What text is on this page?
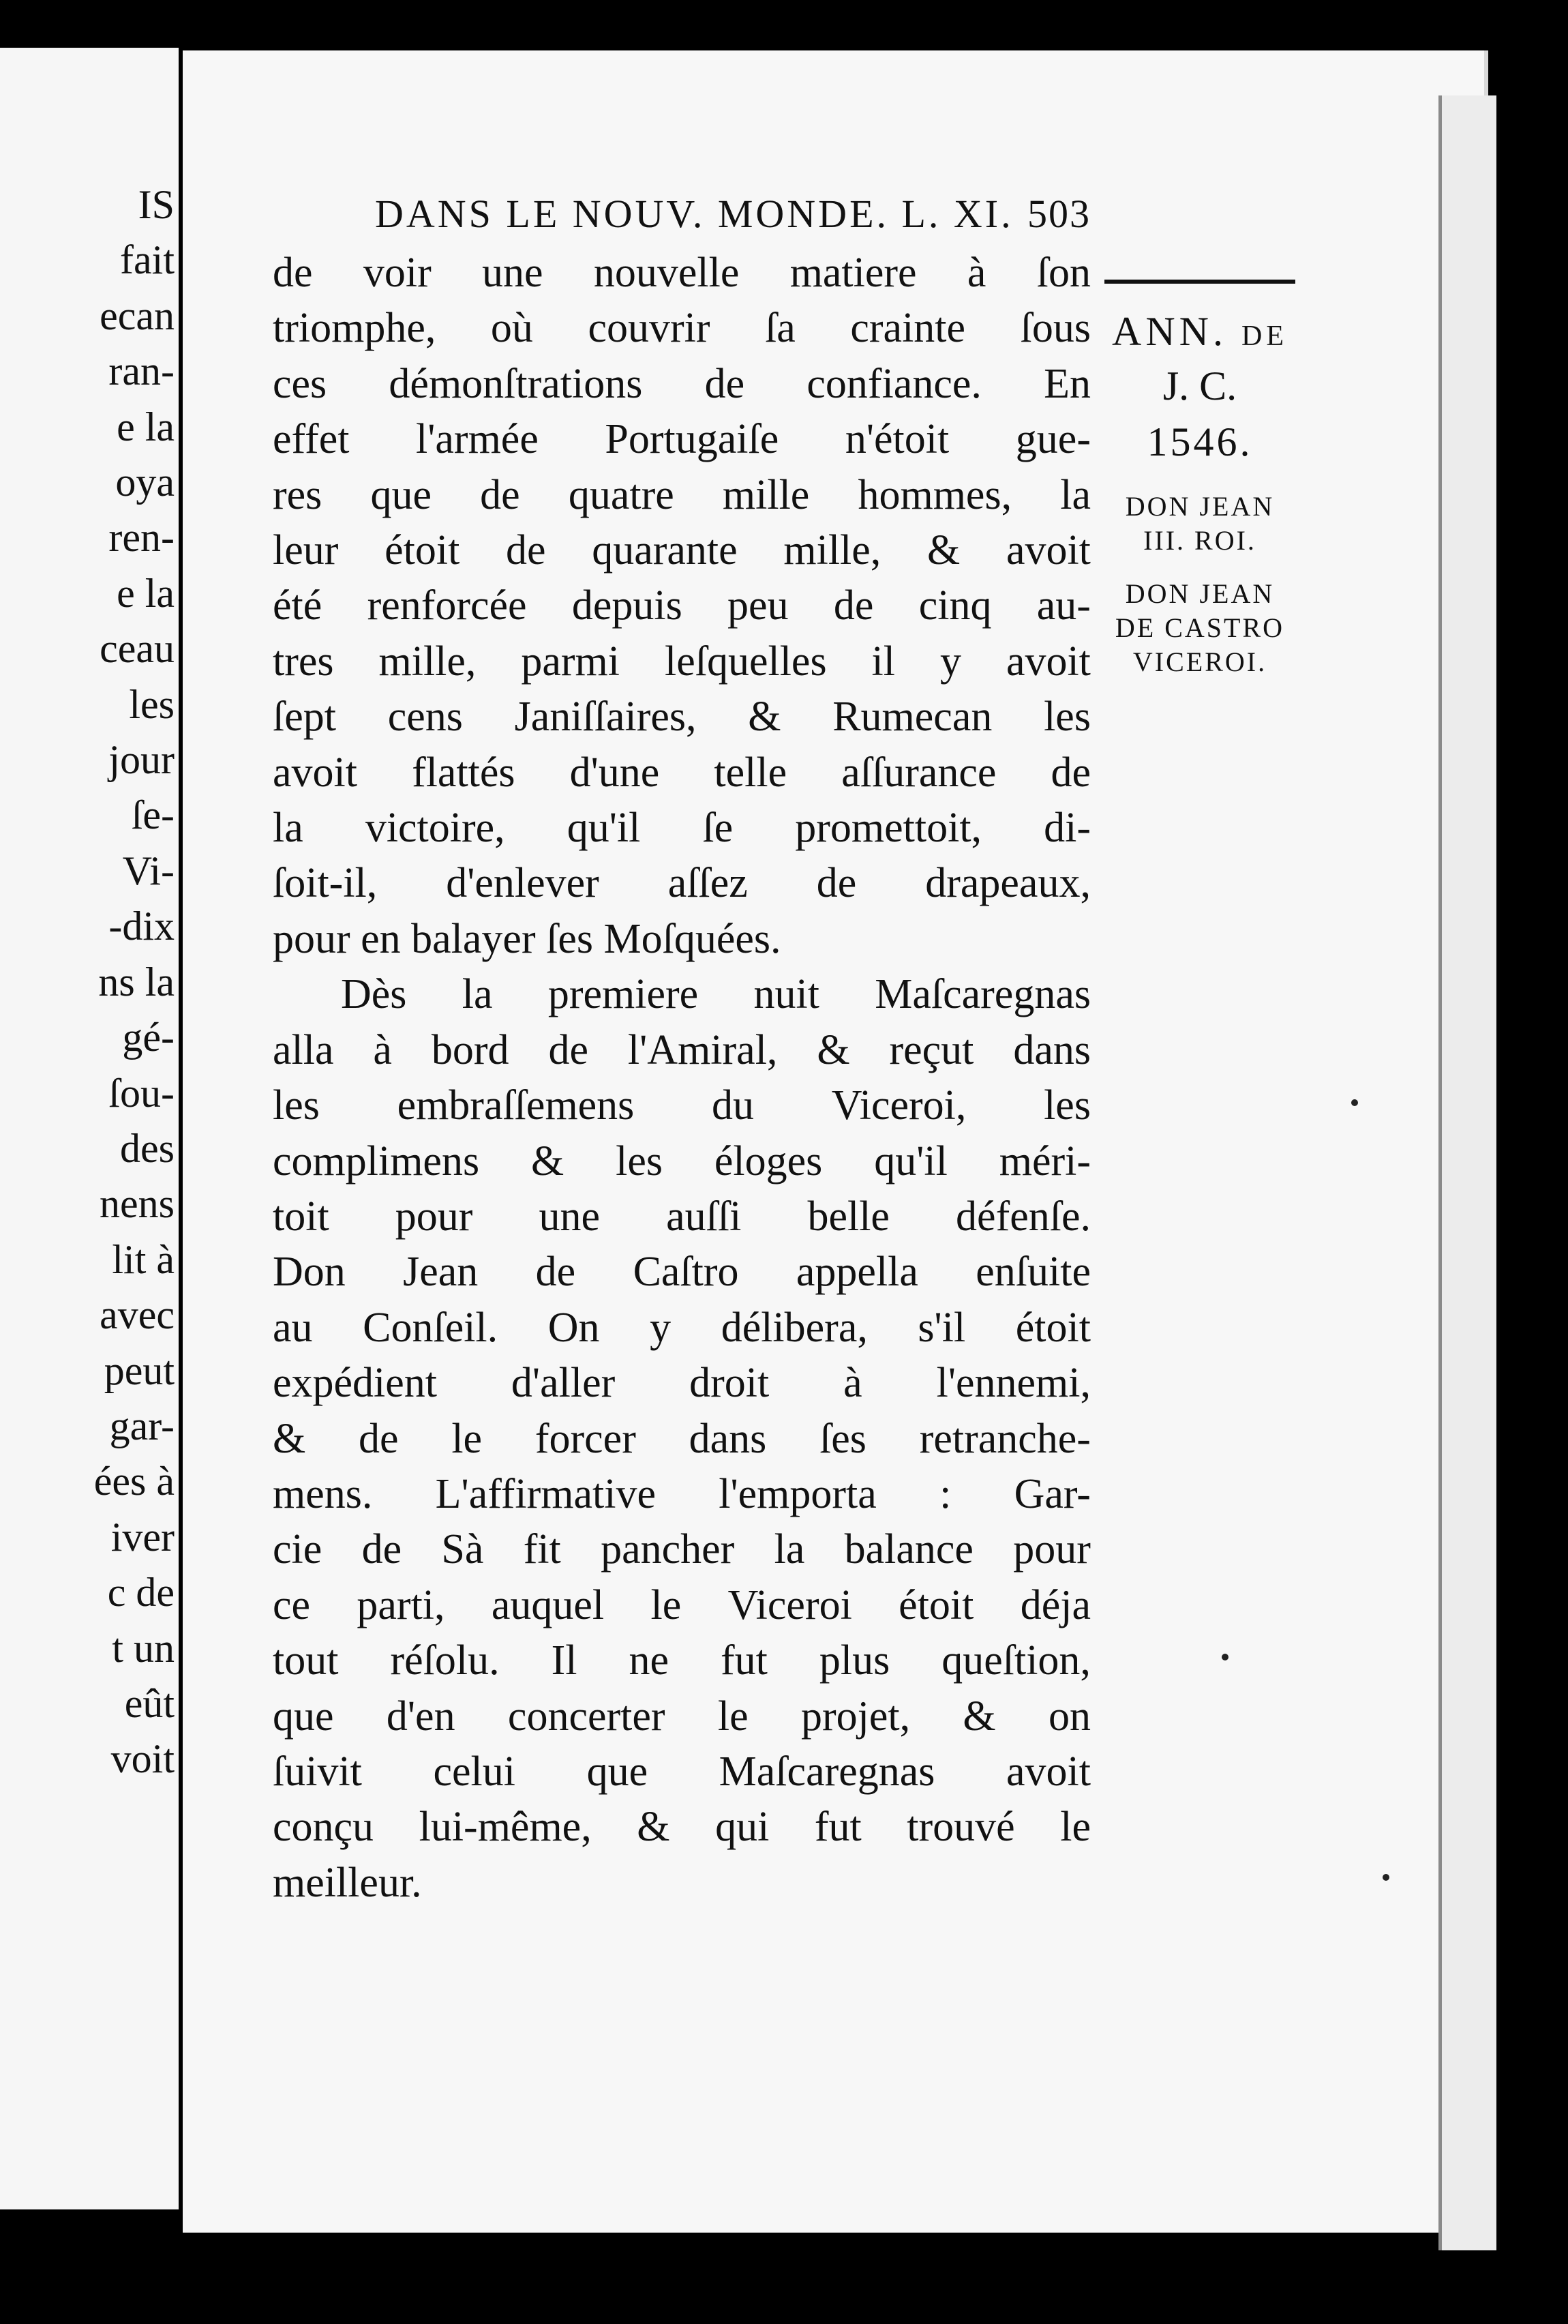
IS
fait
ecan
ran-
e la
oya
ren-
e la
ceau
les
jour
ſe-
Vi-
-dix
ns la
gé-
ſou-
des
nens
lit à
avec
peut
gar-
ées à
iver
c de
t un
eût
voit
DANS LE NOUV. MONDE. L. XI. 503
de voir une nouvelle matiere à ſon
triomphe, où couvrir ſa crainte ſous
ces démonſtrations de confiance. En
effet l'armée Portugaiſe n'étoit gue-
res que de quatre mille hommes, la
leur étoit de quarante mille, & avoit
été renforcée depuis peu de cinq au-
tres mille, parmi leſquelles il y avoit
ſept cens Janiſſaires, & Rumecan les
avoit flattés d'une telle aſſurance de
la victoire, qu'il ſe promettoit, di-
ſoit-il, d'enlever aſſez de drapeaux,
pour en balayer ſes Moſquées.
Dès la premiere nuit Maſcaregnas
alla à bord de l'Amiral, & reçut dans
les embraſſemens du Viceroi, les
complimens & les éloges qu'il méri-
toit pour une auſſi belle défenſe.
Don Jean de Caſtro appella enſuite
au Conſeil. On y délibera, s'il étoit
expédient d'aller droit à l'ennemi,
& de le forcer dans ſes retranche-
mens. L'affirmative l'emporta : Gar-
cie de Sà fit pancher la balance pour
ce parti, auquel le Viceroi étoit déja
tout réſolu. Il ne fut plus queſtion,
que d'en concerter le projet, & on
ſuivit celui que Maſcaregnas avoit
conçu lui-même, & qui fut trouvé le
meilleur.
ANN. de
J. C.
1546.
DON JEAN
III. ROI.
DON JEAN
DE CASTRO
VICEROI.
